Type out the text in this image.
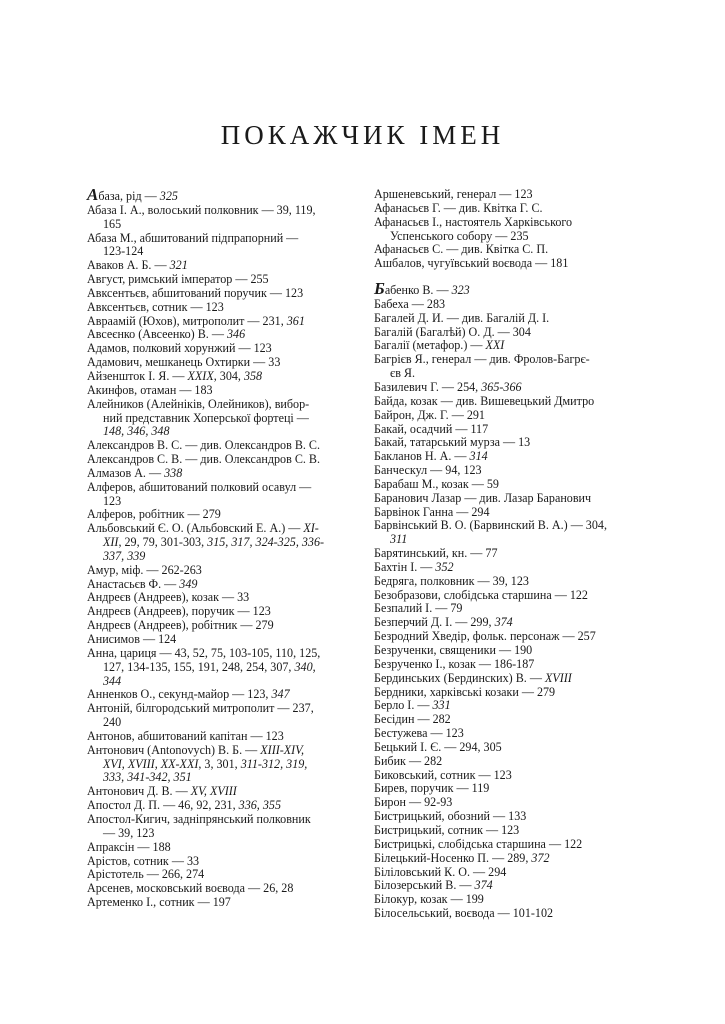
ПОКАЖЧИК ІМЕН
Абаза, рід — 325
Абаза І. А., волоський полковник — 39, 119,
165
Абаза М., абшитований підпрапорний —
123-124
Аваков А. Б. — 321
Август, римський імператор — 255
Авксентьєв, абшитований поручик — 123
Авксентьєв, сотник — 123
Авраамій (Юхов), митрополит — 231, 361
Авсеєнко (Авсеенко) В. — 346
Адамов, полковий хорунжий — 123
Адамович, мешканець Охтирки — 33
Айзеншток І. Я. — XXIX, 304, 358
Акинфов, отаман — 183
Алейников (Алейніків, Олейников), вибор-
ний представник Хоперської фортеці —
148, 346, 348
Александров В. С. — див. Олександров В. С.
Александров С. В. — див. Олександров С. В.
Алмазов А. — 338
Алферов, абшитований полковий осавул —
123
Алферов, робітник — 279
Альбовський Є. О. (Альбовский Е. А.) — XI-
XII, 29, 79, 301-303, 315, 317, 324-325, 336-
337, 339
Амур, міф. — 262-263
Анастасьєв Ф. — 349
Андреєв (Андреев), козак — 33
Андреєв (Андреев), поручик — 123
Андреєв (Андреев), робітник — 279
Анисимов — 124
Анна, цариця — 43, 52, 75, 103-105, 110, 125,
127, 134-135, 155, 191, 248, 254, 307, 340,
344
Анненков О., секунд-майор — 123, 347
Антоній, білгородський митрополит — 237,
240
Антонов, абшитований капітан — 123
Антонович (Antonovych) В. Б. — XIII-XIV,
XVI, XVIII, XX-XXI, 3, 301, 311-312, 319,
333, 341-342, 351
Антонович Д. В. — XV, XVIII
Апостол Д. П. — 46, 92, 231, 336, 355
Апостол-Кигич, задніпрянський полковник
— 39, 123
Апраксін — 188
Арістов, сотник — 33
Арістотель — 266, 274
Арсенев, московський воєвода — 26, 28
Артеменко І., сотник — 197
Аршеневський, генерал — 123
Афанасьєв Г. — див. Квітка Г. С.
Афанасьєв І., настоятель Харківського
Успенського собору — 235
Афанасьєв С. — див. Квітка С. П.
Ашбалов, чугуївський воєвода — 181
Бабенко В. — 323
Бабеха — 283
Багалей Д. И. — див. Багалій Д. І.
Багалій (Багалѣй) О. Д. — 304
Багалії (метафор.) — XXI
Багрієв Я., генерал — див. Фролов-Багрє-
єв Я.
Базилевич Г. — 254, 365-366
Байда, козак — див. Вишевецький Дмитро
Байрон, Дж. Г. — 291
Бакай, осадчий — 117
Бакай, татарський мурза — 13
Бакланов Н. А. — 314
Банческул — 94, 123
Барабаш М., козак — 59
Баранович Лазар — див. Лазар Баранович
Барвінок Ганна — 294
Барвінський В. О. (Барвинский В. А.) — 304,
311
Барятинський, кн. — 77
Бахтін І. — 352
Бедряга, полковник — 39, 123
Безобразови, слобідська старшина — 122
Безпалий І. — 79
Безперчий Д. І. — 299, 374
Безродний Хведір, фольк. персонаж — 257
Безрученки, священики — 190
Безрученко І., козак — 186-187
Бердинських (Бердинских) В. — XVIII
Бердники, харківські козаки — 279
Берло І. — 331
Бесідин — 282
Бестужева — 123
Бецький І. Є. — 294, 305
Бибик — 282
Биковський, сотник — 123
Бирев, поручик — 119
Бирон — 92-93
Бистрицький, обозний — 133
Бистрицький, сотник — 123
Бистрицькі, слобідська старшина — 122
Білецький-Носенко П. — 289, 372
Біліловський К. О. — 294
Білозерський В. — 374
Білокур, козак — 199
Білосельський, воєвода — 101-102
